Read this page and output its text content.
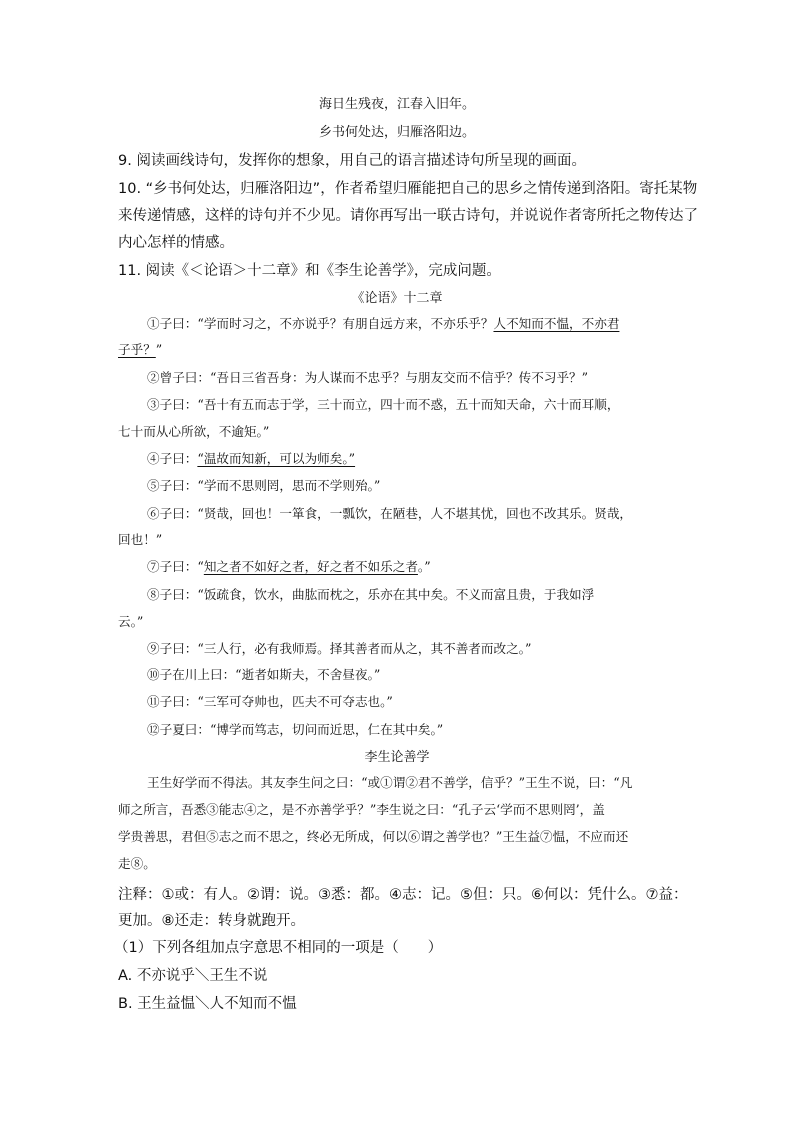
海日生残夜，江春入旧年。
乡书何处达，归雁洛阳边。
9. 阅读画线诗句，发挥你的想象，用自己的语言描述诗句所呈现的画面。
10. “乡书何处达，归雁洛阳边”，作者希望归雁能把自己的思乡之情传递到洛阳。寄托某物
来传递情感，这样的诗句并不少见。请你再写出一联古诗句，并说说作者寄所托之物传达了
内心怎样的情感。
11. 阅读《＜论语＞十二章》和《李生论善学》，完成问题。
《论语》十二章
①子曰：“学而时习之，不亦说乎？有朋自远方来，不亦乐乎？人不知而不愠，不亦君
子乎？”
②曾子曰：“吾日三省吾身：为人谋而不忠乎？与朋友交而不信乎？传不习乎？”
③子曰：“吾十有五而志于学，三十而立，四十而不惑，五十而知天命，六十而耳顺，
七十而从心所欲，不逾矩。”
④子曰：“温故而知新，可以为师矣。”
⑤子曰：“学而不思则罔，思而不学则殆。”
⑥子曰：“贤哉，回也！一箪食，一瓢饮，在陋巷，人不堪其忧，回也不改其乐。贤哉，
回也！”
⑦子曰：“知之者不如好之者，好之者不如乐之者。”
⑧子曰：“饭疏食，饮水，曲肱而枕之，乐亦在其中矣。不义而富且贵，于我如浮
云。”
⑨子曰：“三人行，必有我师焉。择其善者而从之，其不善者而改之。”
⑩子在川上曰：“逝者如斯夫，不舍昼夜。”
⑪子曰：“三军可夺帅也，匹夫不可夺志也。”
⑫子夏曰：“博学而笃志，切问而近思，仁在其中矣。”
李生论善学
王生好学而不得法。其友李生问之曰：“或①谓②君不善学，信乎？”王生不说，曰：“凡
师之所言，吾悉③能志④之，是不亦善学乎？”李生说之曰：“孔子云‘学而不思则罔’，盖
学贵善思，君但⑤志之而不思之，终必无所成，何以⑥谓之善学也？”王生益⑦愠，不应而还
走⑧。
注释：①或：有人。②谓：说。③悉：都。④志：记。⑤但：只。⑥何以：凭什么。⑦益：
更加。⑧还走：转身就跑开。
（1）下列各组加点字意思不相同的一项是（　　）
A. 不亦说乎＼王生不说
B. 王生益愠＼人不知而不愠
